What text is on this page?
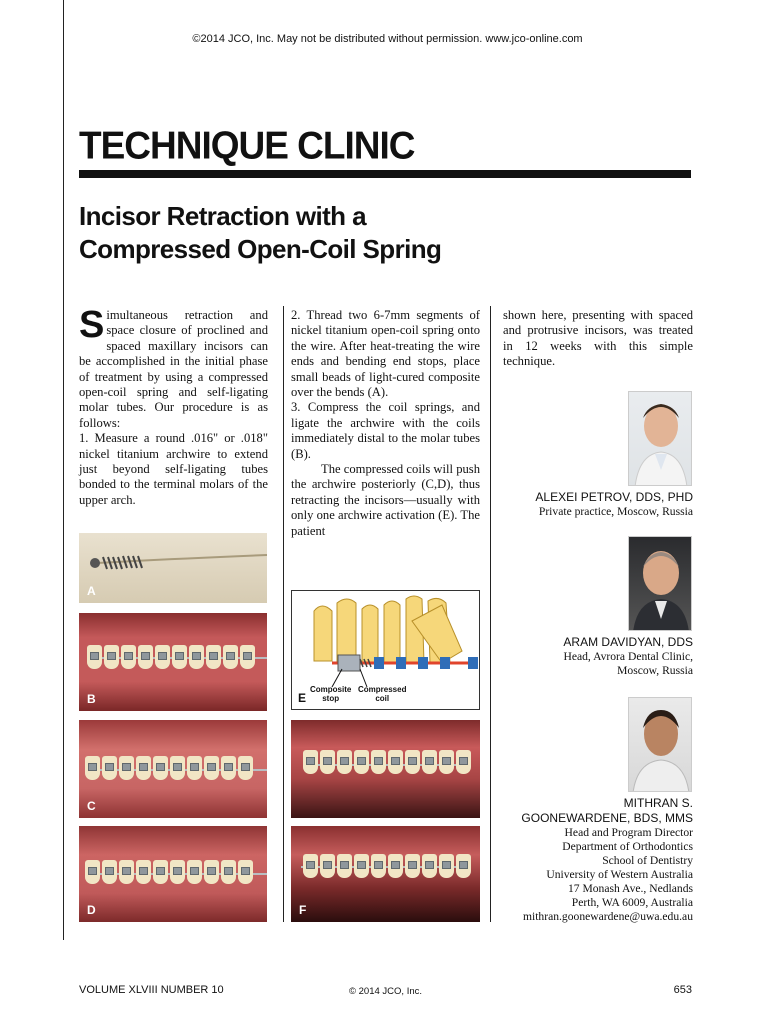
©2014 JCO, Inc. May not be distributed without permission. www.jco-online.com
TECHNIQUE CLINIC
Incisor Retraction with a
Compressed Open-Coil Spring

Simultaneous retraction and space closure of proclined and spaced maxillary incisors can be accomplished in the initial phase of treatment by using a compressed open-coil spring and self-ligating molar tubes. Our procedure is as follows:

1. Measure a round .016" or .018" nickel titanium archwire to extend just beyond self-ligating tubes bonded to the terminal molars of the upper arch.

2. Thread two 6-7mm segments of nickel titanium open-coil spring onto the wire. After heat-treating the wire ends and bending end stops, place small beads of light-cured composite over the bends (A).

3. Compress the coil springs, and ligate the archwire with the coils immediately distal to the molar tubes (B).

The compressed coils will push the archwire posteriorly (C,D), thus retracting the incisors—usually with only one archwire activation (E). The patient

shown here, presenting with spaced and protrusive incisors, was treated in 12 weeks with this simple technique.

A
B
C
D
Composite
stop
Compressed
coil
E
F
ALEXEI PETROV, DDS, PHD
Private practice, Moscow, Russia
ARAM DAVIDYAN, DDS
Head, Avrora Dental Clinic,
Moscow, Russia
MITHRAN S.
GOONEWARDENE, BDS, MMS
Head and Program Director
Department of Orthodontics
School of Dentistry
University of Western Australia
17 Monash Ave., Nedlands
Perth, WA 6009, Australia
mithran.goonewardene@uwa.edu.au
VOLUME XLVIII NUMBER 10	© 2014 JCO, Inc.	653
